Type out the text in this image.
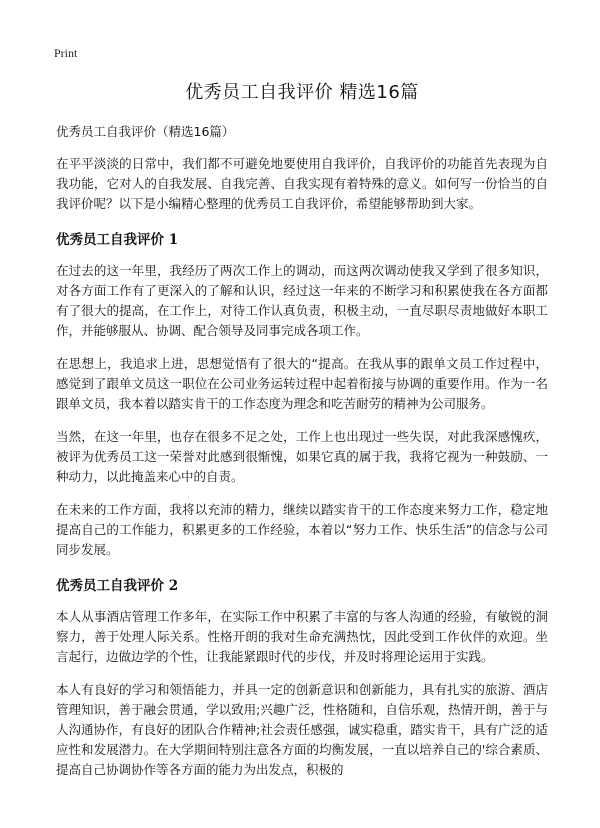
Print
优秀员工自我评价 精选16篇
优秀员工自我评价（精选16篇）

在平平淡淡的日常中，我们都不可避免地要使用自我评价，自我评价的功能首先表现为自我功能，它对人的自我发展、自我完善、自我实现有着特殊的意义。如何写一份恰当的自我评价呢？以下是小编精心整理的优秀员工自我评价，希望能够帮助到大家。

优秀员工自我评价 1

在过去的这一年里，我经历了两次工作上的调动，而这两次调动使我又学到了很多知识，对各方面工作有了更深入的了解和认识，经过这一年来的不断学习和积累使我在各方面都有了很大的提高，在工作上，对待工作认真负责，积极主动，一直尽职尽责地做好本职工作，并能够服从、协调、配合领导及同事完成各项工作。

在思想上，我追求上进，思想觉悟有了很大的“提高。在我从事的跟单文员工作过程中，感觉到了跟单文员这一职位在公司业务运转过程中起着衔接与协调的重要作用。作为一名跟单文员，我本着以踏实肯干的工作态度为理念和吃苦耐劳的精神为公司服务。

当然，在这一年里，也存在很多不足之处，工作上也出现过一些失误，对此我深感愧疚，被评为优秀员工这一荣誉对此感到很惭愧，如果它真的属于我，我将它视为一种鼓励、一种动力，以此掩盖来心中的自责。

在未来的工作方面，我将以充沛的精力，继续以踏实肯干的工作态度来努力工作，稳定地提高自己的工作能力，积累更多的工作经验，本着以“努力工作、快乐生活”的信念与公司同步发展。

优秀员工自我评价 2

本人从事酒店管理工作多年，在实际工作中积累了丰富的与客人沟通的经验，有敏锐的洞察力，善于处理人际关系。性格开朗的我对生命充满热忱，因此受到工作伙伴的欢迎。坐言起行，边做边学的个性，让我能紧跟时代的步伐，并及时将理论运用于实践。

本人有良好的学习和领悟能力，并具一定的创新意识和创新能力，具有扎实的旅游、酒店管理知识，善于融会贯通，学以致用;兴趣广泛，性格随和，自信乐观，热情开朗，善于与人沟通协作，有良好的团队合作精神;社会责任感强，诚实稳重，踏实肯干，具有广泛的适应性和发展潜力。在大学期间特别注意各方面的均衡发展，一直以培养自己的'综合素质、提高自己协调协作等各方面的能力为出发点，积极的
